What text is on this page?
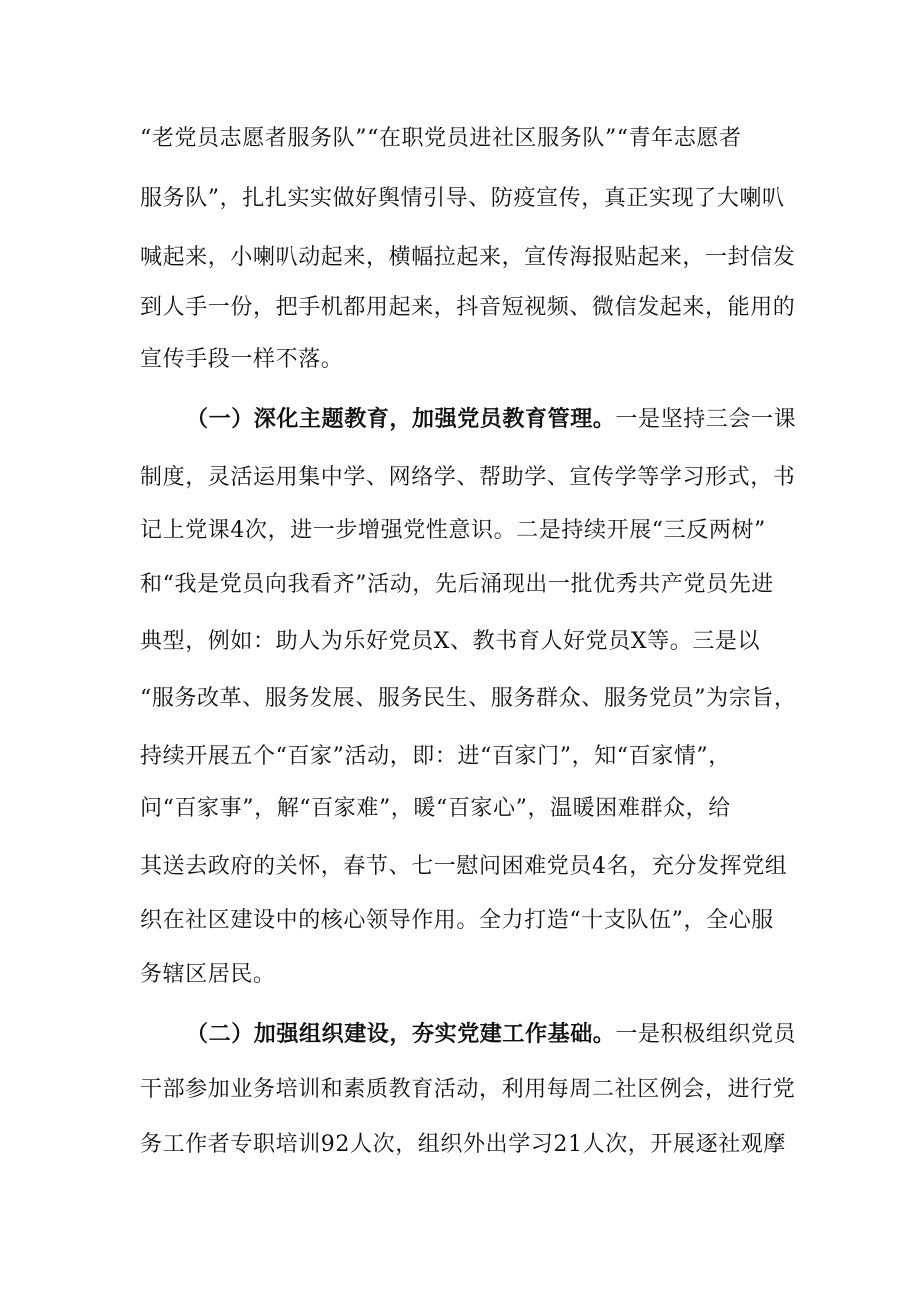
“老党员志愿者服务队”“在职党员进社区服务队”“青年志愿者
服务队”，扎扎实实做好舆情引导、防疫宣传，真正实现了大喇叭
喊起来，小喇叭动起来，横幅拉起来，宣传海报贴起来，一封信发
到人手一份，把手机都用起来，抖音短视频、微信发起来，能用的
宣传手段一样不落。
（一）深化主题教育，加强党员教育管理。一是坚持三会一课
制度，灵活运用集中学、网络学、帮助学、宣传学等学习形式，书
记上党课4次，进一步增强党性意识。二是持续开展“三反两树”
和“我是党员向我看齐”活动，先后涌现出一批优秀共产党员先进
典型，例如：助人为乐好党员X、教书育人好党员X等。三是以
“服务改革、服务发展、服务民生、服务群众、服务党员”为宗旨，
持续开展五个“百家”活动，即：进“百家门”，知“百家情”，
问“百家事”，解“百家难”，暖“百家心”，温暖困难群众，给
其送去政府的关怀，春节、七一慰问困难党员4名，充分发挥党组
织在社区建设中的核心领导作用。全力打造“十支队伍”，全心服
务辖区居民。
（二）加强组织建设，夯实党建工作基础。一是积极组织党员
干部参加业务培训和素质教育活动，利用每周二社区例会，进行党
务工作者专职培训92人次，组织外出学习21人次，开展逐社观摩
